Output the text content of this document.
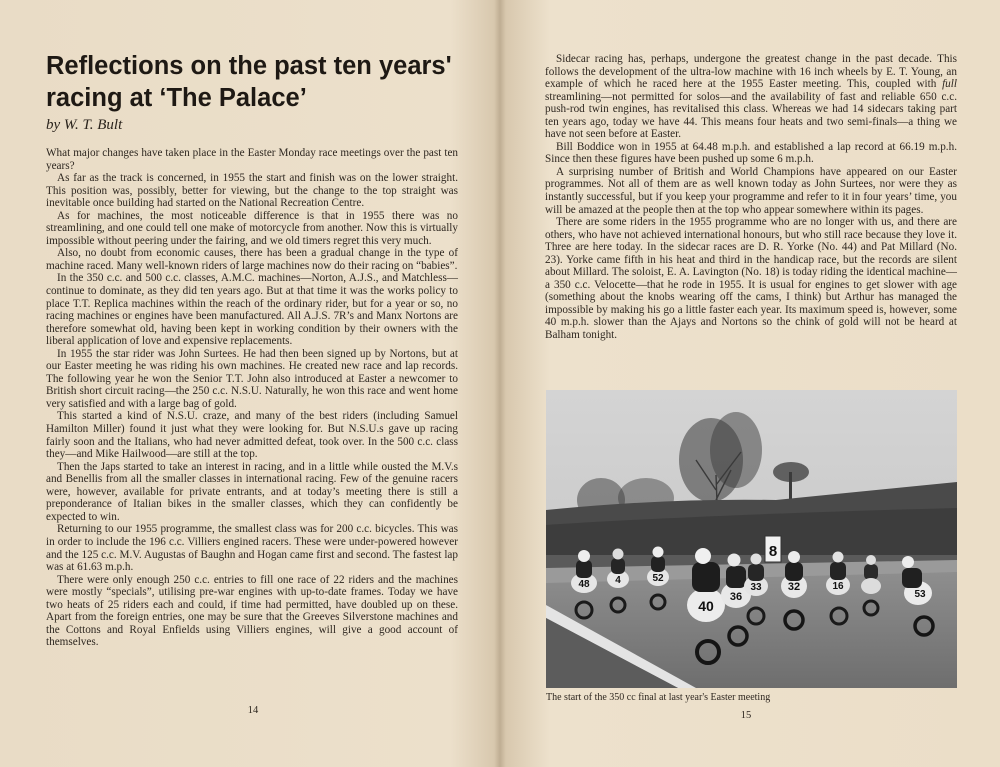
Reflections on the past ten years'
racing at ‘The Palace’

by W. T. Bult

What major changes have taken place in the Easter Monday race meetings over the past ten years?

As far as the track is concerned, in 1955 the start and finish was on the lower straight. This position was, possibly, better for viewing, but the change to the top straight was inevitable once building had started on the National Recreation Centre.

As for machines, the most noticeable difference is that in 1955 there was no streamlining, and one could tell one make of motorcycle from another. Now this is virtually impossible without peering under the fairing, and we old timers regret this very much.

Also, no doubt from economic causes, there has been a gradual change in the type of machine raced. Many well-known riders of large machines now do their racing on “babies”.

In the 350 c.c. and 500 c.c. classes, A.M.C. machines—Norton, A.J.S., and Matchless—continue to dominate, as they did ten years ago. But at that time it was the works policy to place T.T. Replica machines within the reach of the ordinary rider, but for a year or so, no racing machines or engines have been manufactured. All A.J.S. 7R’s and Manx Nortons are therefore somewhat old, having been kept in working condition by their owners with the liberal application of love and expensive replacements.

In 1955 the star rider was John Surtees. He had then been signed up by Nortons, but at our Easter meeting he was riding his own machines. He created new race and lap records. The following year he won the Senior T.T. John also introduced at Easter a newcomer to British short circuit racing—the 250 c.c. N.S.U. Naturally, he won this race and went home very satisfied and with a large bag of gold.

This started a kind of N.S.U. craze, and many of the best riders (including Samuel Hamilton Miller) found it just what they were looking for. But N.S.U.s gave up racing fairly soon and the Italians, who had never admitted defeat, took over. In the 500 c.c. class they—and Mike Hailwood—are still at the top.

Then the Japs started to take an interest in racing, and in a little while ousted the M.V.s and Benellis from all the smaller classes in international racing. Few of the genuine racers were, however, available for private entrants, and at today’s meeting there is still a preponderance of Italian bikes in the smaller classes, which they can confidently be expected to win.

Returning to our 1955 programme, the smallest class was for 200 c.c. bicycles. This was in order to include the 196 c.c. Villiers engined racers. These were under-powered however and the 125 c.c. M.V. Augustas of Baughn and Hogan came first and second. The fastest lap was at 61.63 m.p.h.

There were only enough 250 c.c. entries to fill one race of 22 riders and the machines were mostly “specials”, utilising pre-war engines with up-to-date frames. Today we have two heats of 25 riders each and could, if time had permitted, have doubled up on these. Apart from the foreign entries, one may be sure that the Greeves Silverstone machines and the Cottons and Royal Enfields using Villiers engines, will give a good account of themselves.

14

Sidecar racing has, perhaps, undergone the greatest change in the past decade. This follows the development of the ultra-low machine with 16 inch wheels by E. T. Young, an example of which he raced here at the 1955 Easter meeting. This, coupled with full streamlining—not permitted for solos—and the availability of fast and reliable 650 c.c. push-rod twin engines, has revitalised this class. Whereas we had 14 sidecars taking part ten years ago, today we have 44. This means four heats and two semi-finals—a thing we have not seen before at Easter.

Bill Boddice won in 1955 at 64.48 m.p.h. and established a lap record at 66.19 m.p.h. Since then these figures have been pushed up some 6 m.p.h.

A surprising number of British and World Champions have appeared on our Easter programmes. Not all of them are as well known today as John Surtees, nor were they as instantly successful, but if you keep your programme and refer to it in four years’ time, you will be amazed at the people then at the top who appear somewhere within its pages.

There are some riders in the 1955 programme who are no longer with us, and there are others, who have not achieved international honours, but who still race because they love it. Three are here today. In the sidecar races are D. R. Yorke (No. 44) and Pat Millard (No. 23). Yorke came fifth in his heat and third in the handicap race, but the records are silent about Millard. The soloist, E. A. Lavington (No. 18) is today riding the identical machine—a 350 c.c. Velocette—that he rode in 1955. It is usual for engines to get slower with age (something about the knobs wearing off the cams, I think) but Arthur has managed the impossible by making his go a little faster each year. Its maximum speed is, however, some 40 m.p.h. slower than the Ajays and Nortons so the chink of gold will not be heard at Balham tonight.

8
48	4	52
40
36
33 32	16
53

The start of the 350 cc final at last year's Easter meeting

15
